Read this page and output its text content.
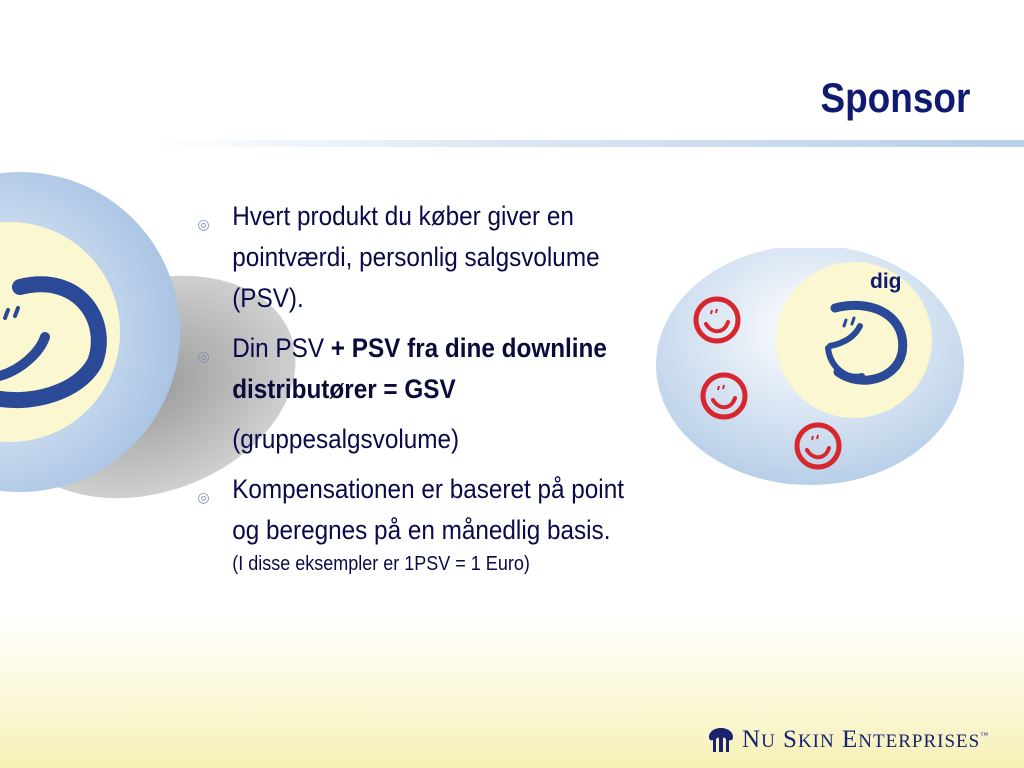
Sponsor
◎ Hvert produkt du køber giver en pointværdi, personlig salgsvolume (PSV).
◎ Din PSV + PSV fra dine downline distributører = GSV
(gruppesalgsvolume)
◎ Kompensationen er baseret på point og beregnes på en månedlig basis.
(I disse eksempler er 1PSV = 1 Euro)
dig
NU SKIN ENTERPRISES™
